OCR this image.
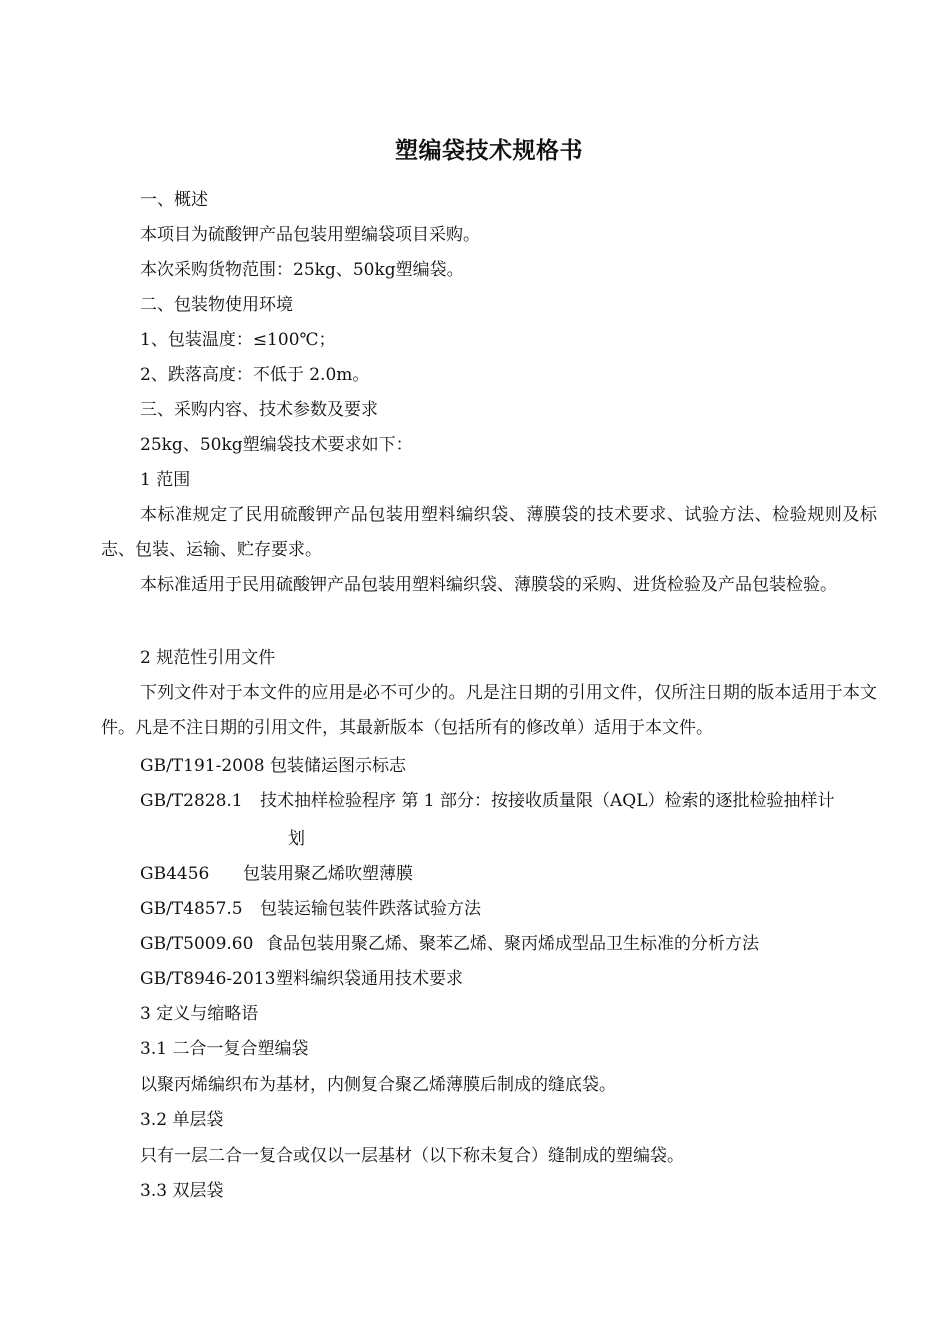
塑编袋技术规格书
一、概述
本项目为硫酸钾产品包装用塑编袋项目采购。
本次采购货物范围：25kg、50kg塑编袋。
二、包装物使用环境
1、包装温度：≤100℃；
2、跌落高度：不低于 2.0m。
三、采购内容、技术参数及要求
25kg、50kg塑编袋技术要求如下：
1 范围
本标准规定了民用硫酸钾产品包装用塑料编织袋、薄膜袋的技术要求、试验方法、检验规则及标志、包装、运输、贮存要求。
本标准适用于民用硫酸钾产品包装用塑料编织袋、薄膜袋的采购、进货检验及产品包装检验。
2 规范性引用文件
下列文件对于本文件的应用是必不可少的。凡是注日期的引用文件，仅所注日期的版本适用于本文件。凡是不注日期的引用文件，其最新版本（包括所有的修改单）适用于本文件。
GB/T191-2008 包装储运图示标志
GB/T2828.1 技术抽样检验程序 第 1 部分：按接收质量限（AQL）检索的逐批检验抽样计
划
GB4456 包装用聚乙烯吹塑薄膜
GB/T4857.5 包装运输包装件跌落试验方法
GB/T5009.60 食品包装用聚乙烯、聚苯乙烯、聚丙烯成型品卫生标准的分析方法
GB/T8946-2013塑料编织袋通用技术要求
3 定义与缩略语
3.1 二合一复合塑编袋
以聚丙烯编织布为基材，内侧复合聚乙烯薄膜后制成的缝底袋。
3.2 单层袋
只有一层二合一复合或仅以一层基材（以下称未复合）缝制成的塑编袋。
3.3 双层袋
